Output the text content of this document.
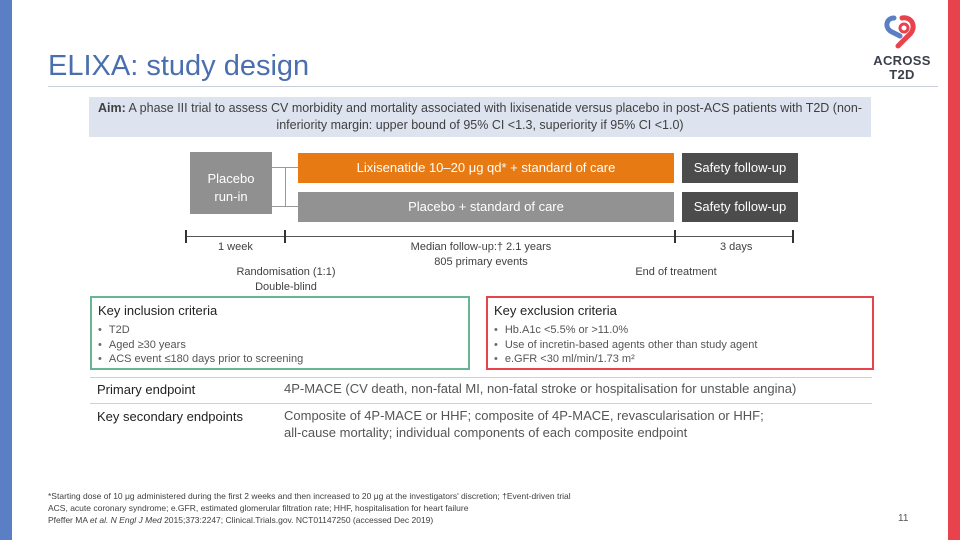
ELIXA: study design	ACROSS
T2D
Aim: A phase III trial to assess CV morbidity and mortality associated with lixisenatide versus placebo in post-ACS patients with T2D (non-inferiority margin: upper bound of 95% CI <1.3, superiority if 95% CI <1.0)
Placebo run‑in
Lixisenatide 10–20 μg qd* + standard of care
Placebo + standard of care
Safety follow-up
Safety follow-up
1 week
Randomisation (1:1)
Double-blind
Median follow-up:† 2.1 years
805 primary events
3 days
End of treatment
Key inclusion criteria
• T2D
• Aged ≥30 years
• ACS event ≤180 days prior to screening
Key exclusion criteria
• Hb.A1c <5.5% or >11.0%
• Use of incretin-based agents other than study agent
• e.GFR <30 ml/min/1.73 m²
Primary endpoint	4P-MACE (CV death, non-fatal MI, non-fatal stroke or hospitalisation for unstable angina)
Key secondary endpoints	Composite of 4P-MACE or HHF; composite of 4P-MACE, revascularisation or HHF;
all‑cause mortality; individual components of each composite endpoint
*Starting dose of 10 μg administered during the first 2 weeks and then increased to 20 μg at the investigators' discretion; †Event-driven trial
ACS, acute coronary syndrome; e.GFR, estimated glomerular filtration rate; HHF, hospitalisation for heart failure
Pfeffer MA et al. N Engl J Med 2015;373:2247; Clinical.Trials.gov. NCT01147250 (accessed Dec 2019)	11
